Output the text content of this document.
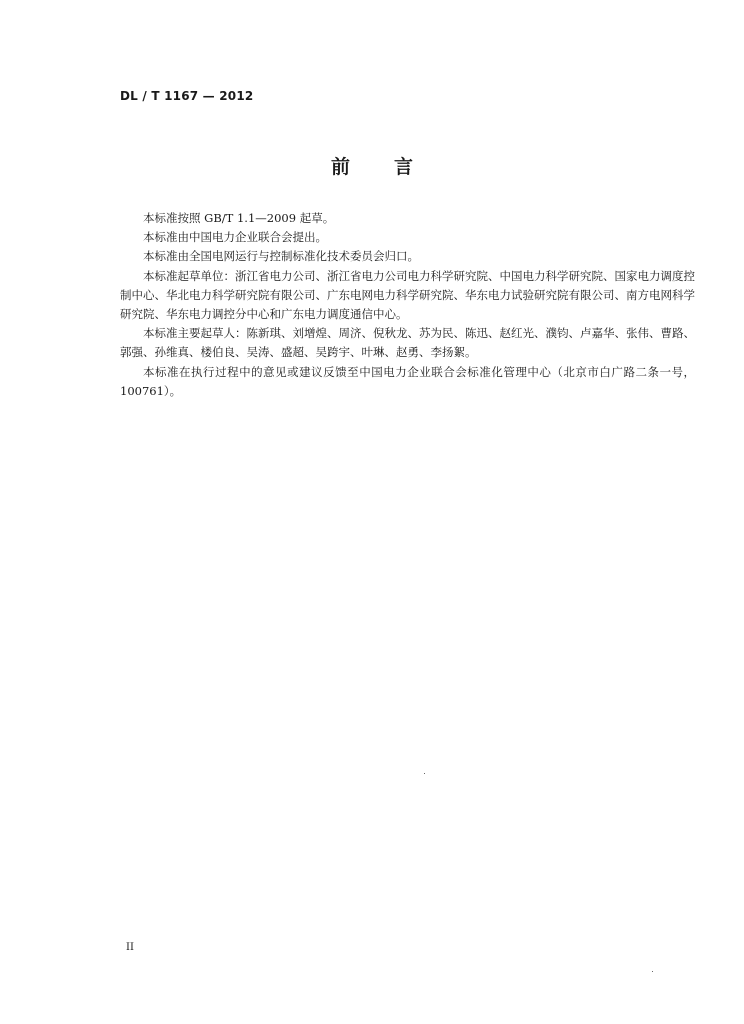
DL / T 1167 — 2012
前 言

本标准按照 GB/T 1.1—2009 起草。

本标准由中国电力企业联合会提出。

本标准由全国电网运行与控制标准化技术委员会归口。

本标准起草单位：浙江省电力公司、浙江省电力公司电力科学研究院、中国电力科学研究院、国家电力调度控制中心、华北电力科学研究院有限公司、广东电网电力科学研究院、华东电力试验研究院有限公司、南方电网科学研究院、华东电力调控分中心和广东电力调度通信中心。

本标准主要起草人：陈新琪、刘增煌、周济、倪秋龙、苏为民、陈迅、赵红光、濮钧、卢嘉华、张伟、曹路、郭强、孙维真、楼伯良、吴涛、盛超、吴跨宇、叶琳、赵勇、李扬絮。

本标准在执行过程中的意见或建议反馈至中国电力企业联合会标准化管理中心（北京市白广路二条一号，100761）。

II
